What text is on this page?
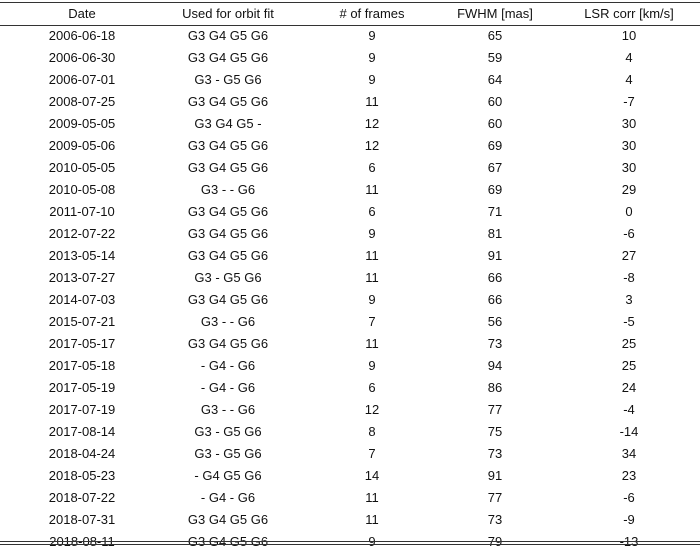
Date	Used for orbit fit	# of frames	FWHM [mas]	LSR corr [km/s]
2006-06-18	G3 G4 G5 G6	9	65	10
2006-06-30	G3 G4 G5 G6	9	59	4
2006-07-01	G3 - G5 G6	9	64	4
2008-07-25	G3 G4 G5 G6	11	60	-7
2009-05-05	G3 G4 G5 -	12	60	30
2009-05-06	G3 G4 G5 G6	12	69	30
2010-05-05	G3 G4 G5 G6	6	67	30
2010-05-08	G3 - - G6	11	69	29
2011-07-10	G3 G4 G5 G6	6	71	0
2012-07-22	G3 G4 G5 G6	9	81	-6
2013-05-14	G3 G4 G5 G6	11	91	27
2013-07-27	G3 - G5 G6	11	66	-8
2014-07-03	G3 G4 G5 G6	9	66	3
2015-07-21	G3 - - G6	7	56	-5
2017-05-17	G3 G4 G5 G6	11	73	25
2017-05-18	- G4 - G6	9	94	25
2017-05-19	- G4 - G6	6	86	24
2017-07-19	G3 - - G6	12	77	-4
2017-08-14	G3 - G5 G6	8	75	-14
2018-04-24	G3 - G5 G6	7	73	34
2018-05-23	- G4 G5 G6	14	91	23
2018-07-22	- G4 - G6	11	77	-6
2018-07-31	G3 G4 G5 G6	11	73	-9
